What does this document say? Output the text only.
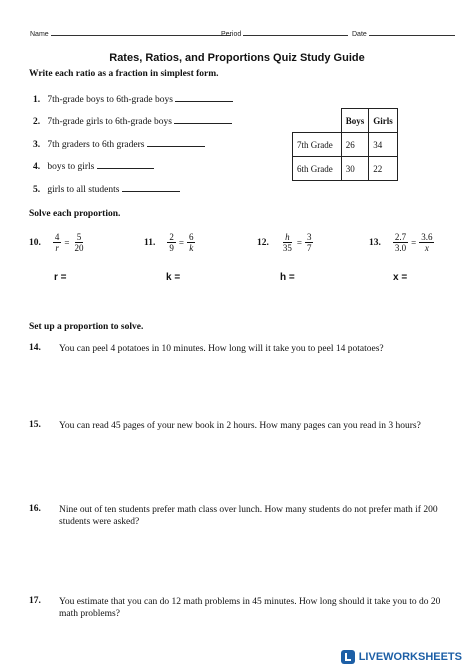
Name	Period	Date
Rates, Ratios, and Proportions Quiz Study Guide
Write each ratio as a fraction in simplest form.
1. 7th-grade boys to 6th-grade boys
2. 7th-grade girls to 6th-grade boys
3. 7th graders to 6th graders
4. boys to girls
5. girls to all students
	Boys	Girls
7th Grade	26	34
6th Grade	30	22
Solve each proportion.
10. $\frac{4}{r} = \frac{5}{20}$	11. $\frac{2}{9} = \frac{6}{k}$	12. $\frac{h}{35} = \frac{3}{7}$	13. $\frac{2.7}{3.0} = \frac{3.6}{x}$
r =	k =	h =	x =
Set up a proportion to solve.
14. You can peel 4 potatoes in 10 minutes. How long will it take you to peel 14 potatoes?
15. You can read 45 pages of your new book in 2 hours. How many pages can you read in 3 hours?
16. Nine out of ten students prefer math class over lunch. How many students do not prefer math if 200 students were asked?
17. You estimate that you can do 12 math problems in 45 minutes. How long should it take you to do 20 math problems?
LIVEWORKSHEETS
